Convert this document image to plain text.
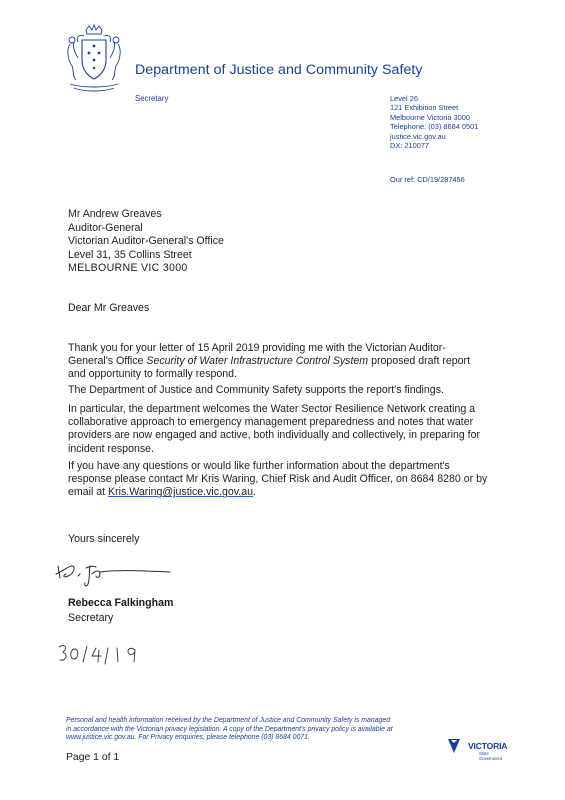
Department of Justice and Community Safety
Secretary	Level 26
121 Exhibition Street
Melbourne Victoria 3000
Telephone: (03) 8684 0501
justice.vic.gov.au
DX: 210077
Our ref: CD/19/287456
Mr Andrew Greaves
Auditor-General
Victorian Auditor-General's Office
Level 31, 35 Collins Street
MELBOURNE VIC 3000
Dear Mr Greaves
Thank you for your letter of 15 April 2019 providing me with the Victorian Auditor-General's Office Security of Water Infrastructure Control System proposed draft report and opportunity to formally respond.
The Department of Justice and Community Safety supports the report's findings.
In particular, the department welcomes the Water Sector Resilience Network creating a collaborative approach to emergency management preparedness and notes that water providers are now engaged and active, both individually and collectively, in preparing for incident response.
If you have any questions or would like further information about the department's response please contact Mr Kris Waring, Chief Risk and Audit Officer, on 8684 8280 or by email at Kris.Waring@justice.vic.gov.au.
Yours sincerely
Rebecca Falkingham
Secretary
Personal and health information received by the Department of Justice and Community Safety is managed in accordance with the Victorian privacy legislation. A copy of the Department's privacy policy is available at www.justice.vic.gov.au. For Privacy enquiries, please telephone (03) 8684 0071.
Page 1 of 1
VICTORIA
State
Government
